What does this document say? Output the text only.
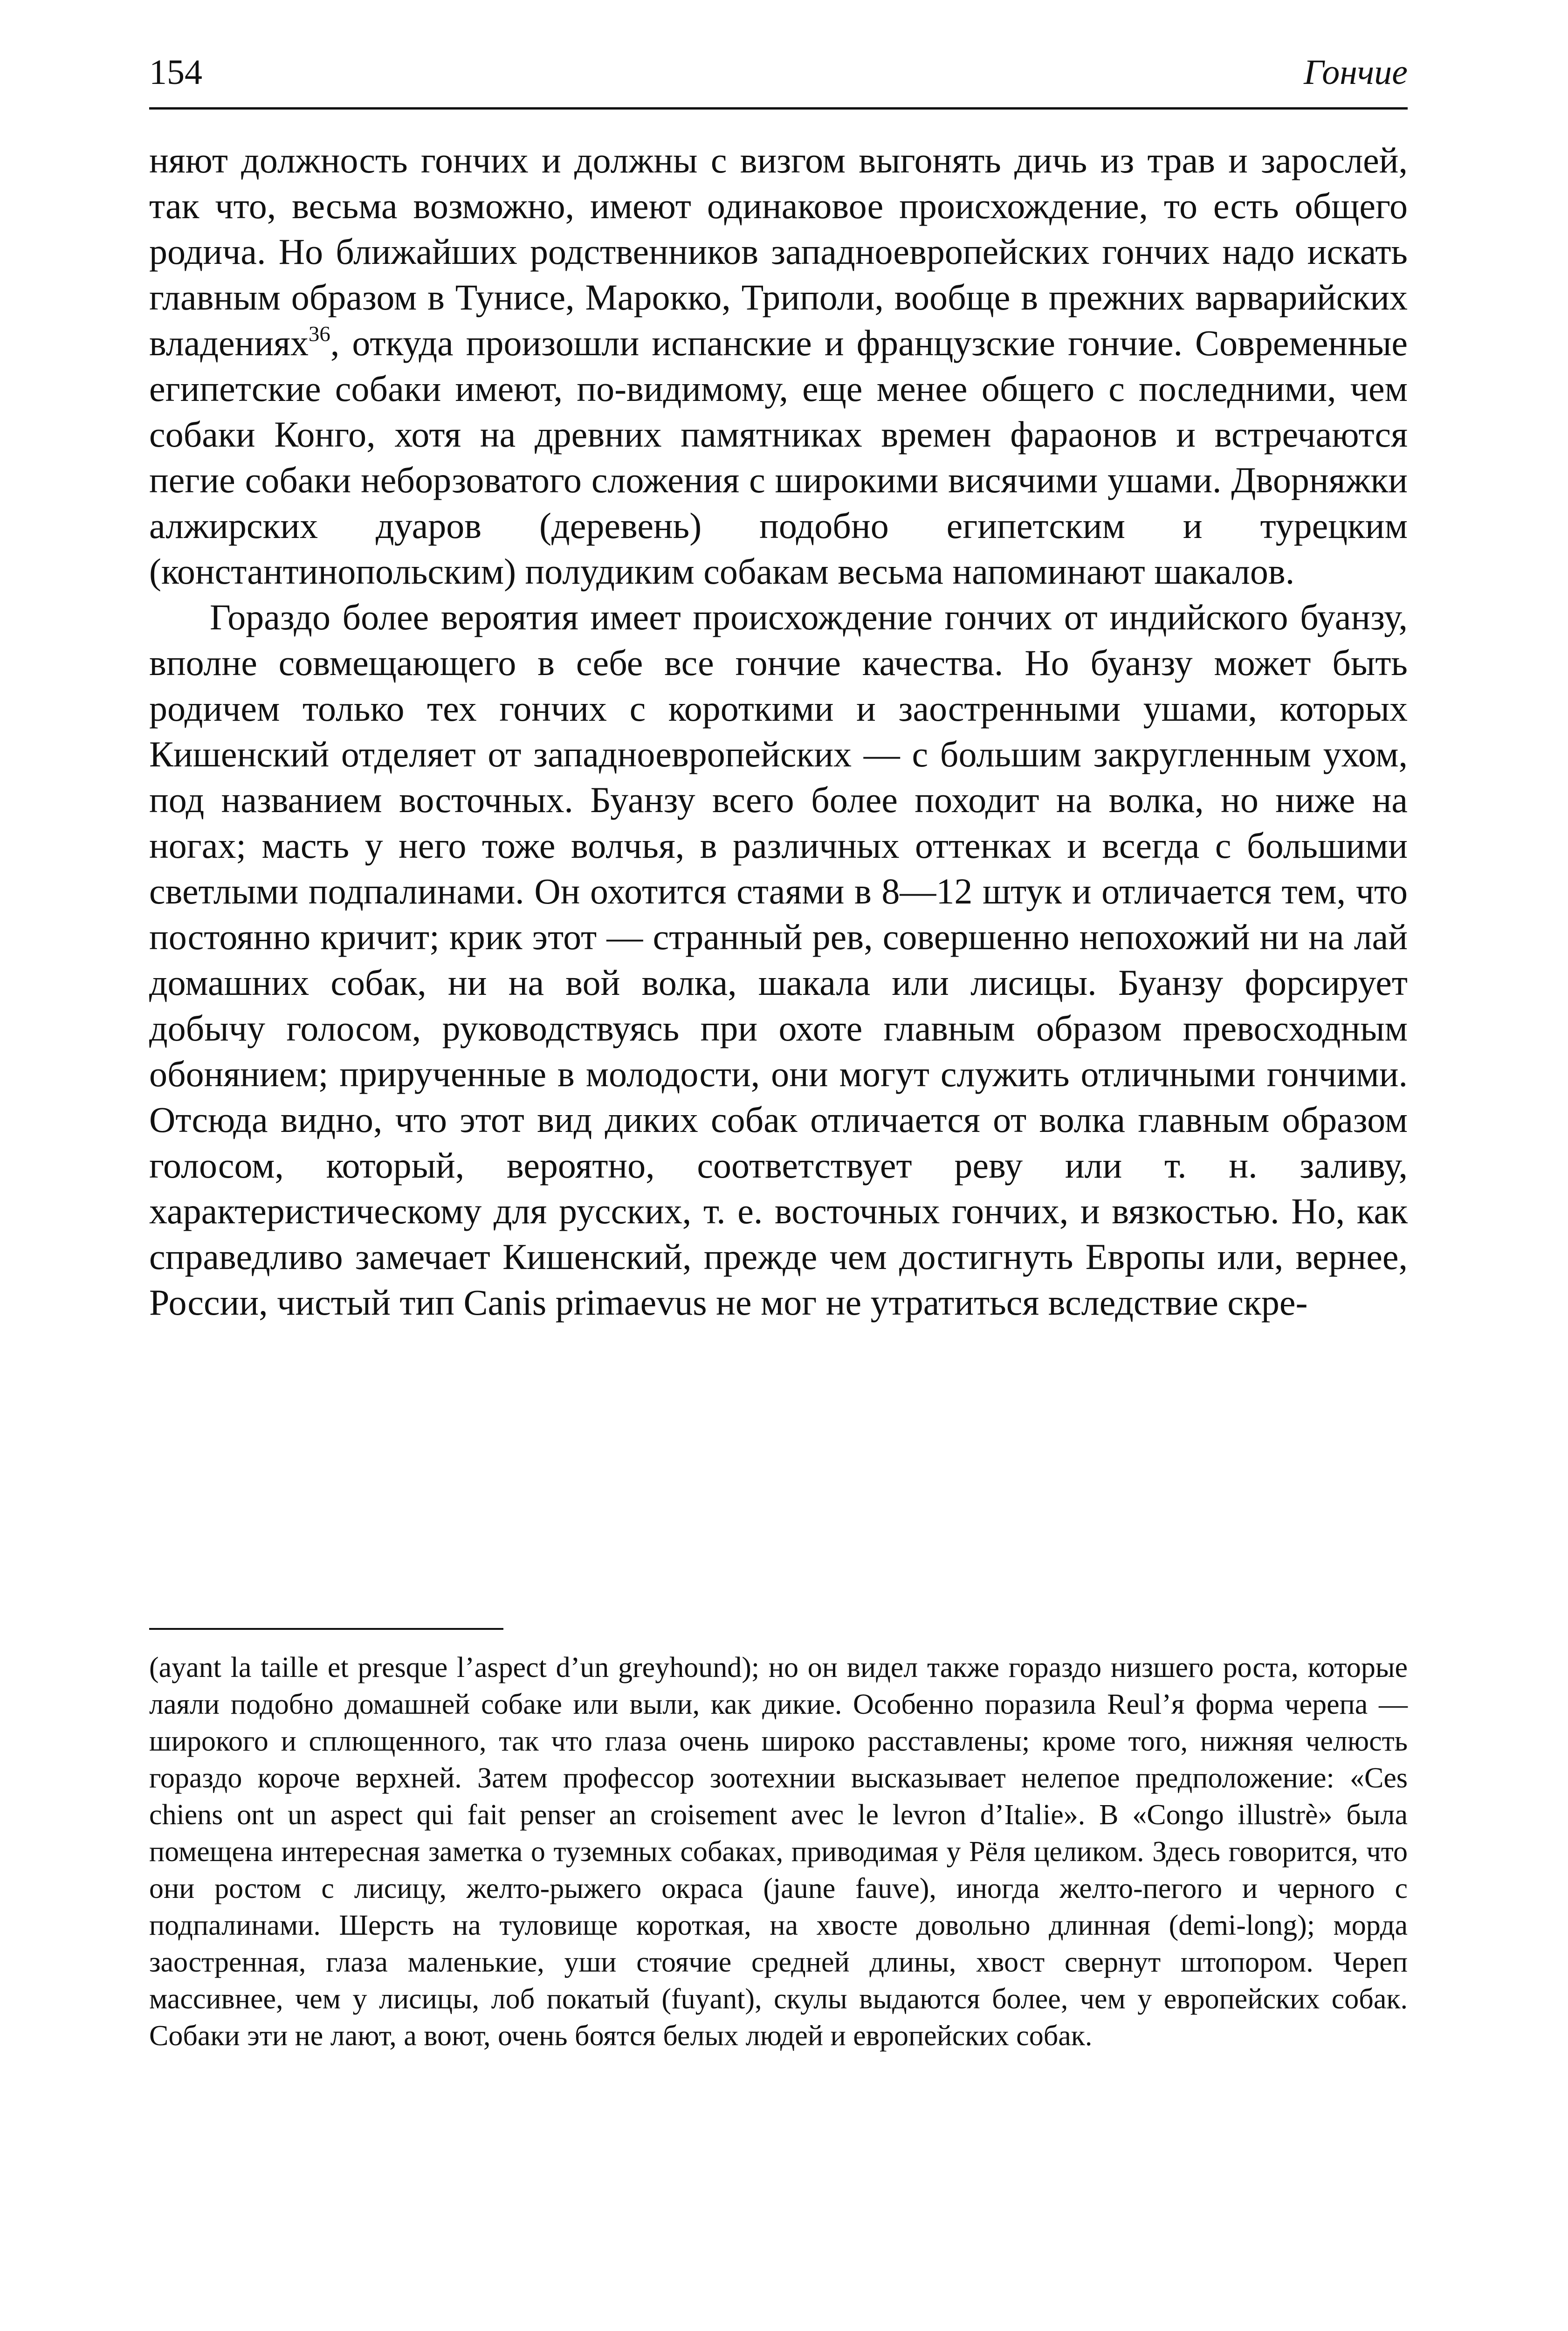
154	Гончие

няют должность гончих и должны с визгом выгонять дичь из трав и зарослей, так что, весьма возможно, имеют одинаковое происхождение, то есть общего родича. Но ближайших родственников западноевропейских гончих надо искать главным образом в Тунисе, Марокко, Триполи, вообще в прежних варварийских владениях$^{36}$, откуда произошли испанские и французские гончие. Современные египетские собаки имеют, по-видимому, еще менее общего с последними, чем собаки Конго, хотя на древних памятниках времен фараонов и встречаются пегие собаки неборзоватого сложения с широкими висячими ушами. Дворняжки алжирских дуаров (деревень) подобно египетским и турецким (константинопольским) полудиким собакам весьма напоминают шакалов.

Гораздо более вероятия имеет происхождение гончих от индийского буанзу, вполне совмещающего в себе все гончие качества. Но буанзу может быть родичем только тех гончих с короткими и заостренными ушами, которых Кишенский отделяет от западноевропейских — с большим закругленным ухом, под названием восточных. Буанзу всего более походит на волка, но ниже на ногах; масть у него тоже волчья, в различных оттенках и всегда с большими светлыми подпалинами. Он охотится стаями в 8—12 штук и отличается тем, что постоянно кричит; крик этот — странный рев, совершенно непохожий ни на лай домашних собак, ни на вой волка, шакала или лисицы. Буанзу форсирует добычу голосом, руководствуясь при охоте главным образом превосходным обонянием; прирученные в молодости, они могут служить отличными гончими. Отсюда видно, что этот вид диких собак отличается от волка главным образом голосом, который, вероятно, соответствует реву или т. н. заливу, характеристическому для русских, т. е. восточных гончих, и вязкостью. Но, как справедливо замечает Кишенский, прежде чем достигнуть Европы или, вернее, России, чистый тип Canis primaevus не мог не утратиться вследствие скре-

(ayant la taille et presque l’aspect d’un greyhound); но он видел также гораздо низшего роста, которые лаяли подобно домашней собаке или выли, как дикие. Особенно поразила Reul’я форма черепа — широкого и сплющенного, так что глаза очень широко расставлены; кроме того, нижняя челюсть гораздо короче верхней. Затем профессор зоотехнии высказывает нелепое предположение: «Ces chiens ont un aspect qui fait penser an croisement avec le levron d’Italie». В «Congo illustrè» была помещена интересная заметка о туземных собаках, приводимая у Рёля целиком. Здесь говорится, что они ростом с лисицу, желто-рыжего окраса (jaune fauve), иногда желто-пегого и черного с подпалинами. Шерсть на туловище короткая, на хвосте довольно длинная (demi-long); морда заостренная, глаза маленькие, уши стоячие средней длины, хвост свернут штопором. Череп массивнее, чем у лисицы, лоб покатый (fuyant), скулы выдаются более, чем у европейских собак. Собаки эти не лают, а воют, очень боятся белых людей и европейских собак.
